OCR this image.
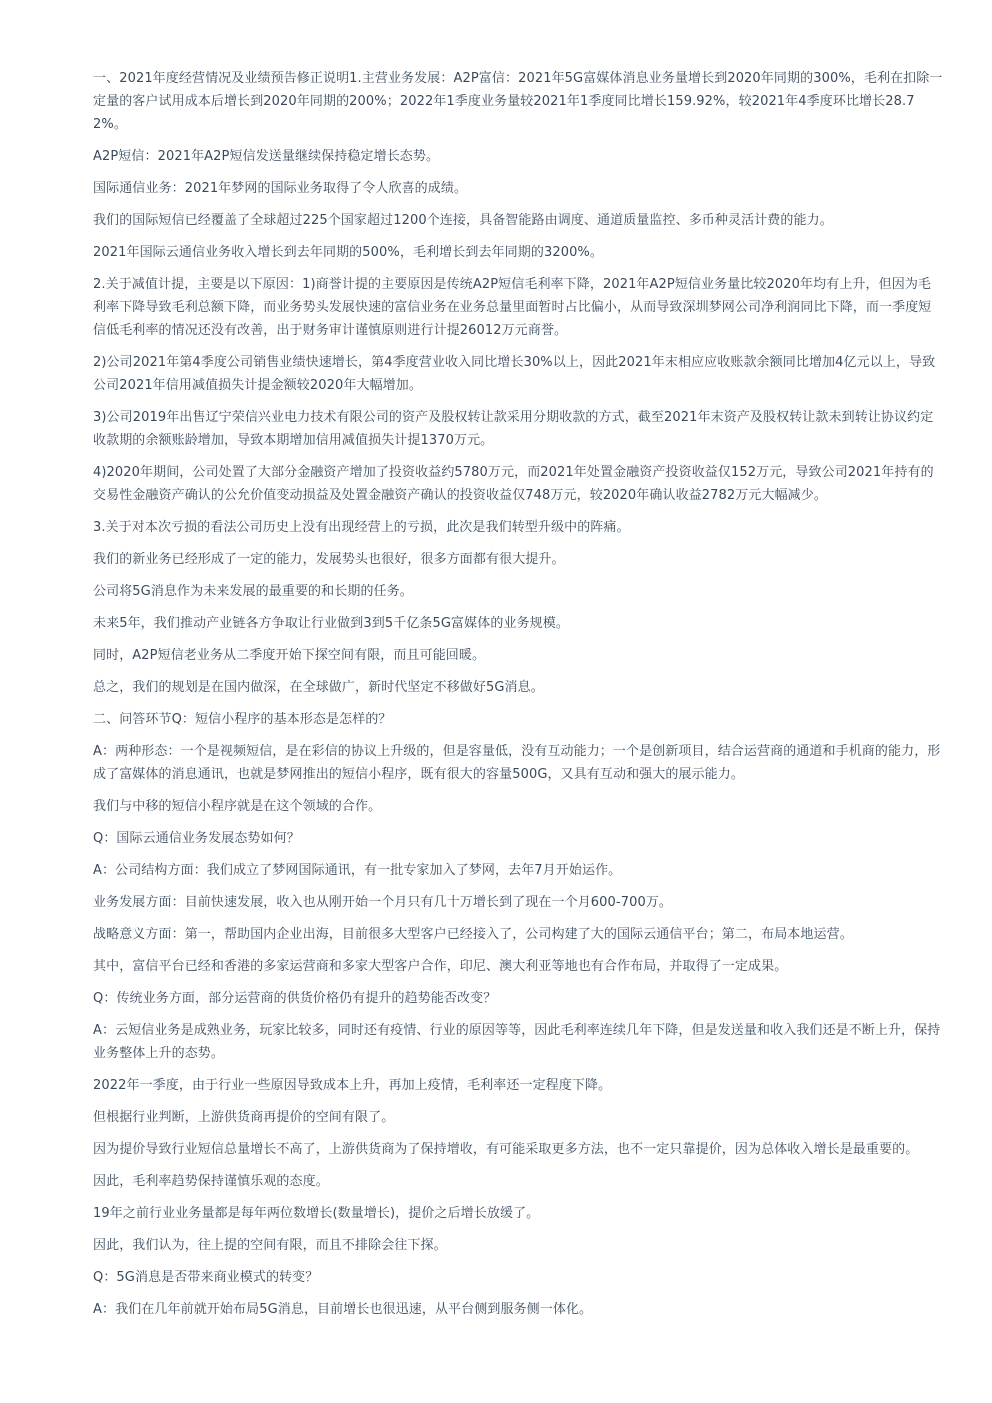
一、2021年度经营情况及业绩预告修正说明1.主营业务发展：A2P富信：2021年5G富媒体消息业务量增长到2020年同期的300%，毛利在扣除一定量的客户试用成本后增长到2020年同期的200%；2022年1季度业务量较2021年1季度同比增长159.92%，较2021年4季度环比增长28.72%。

A2P短信：2021年A2P短信发送量继续保持稳定增长态势。

国际通信业务：2021年梦网的国际业务取得了令人欣喜的成绩。

我们的国际短信已经覆盖了全球超过225个国家超过1200个连接，具备智能路由调度、通道质量监控、多币种灵活计费的能力。

2021年国际云通信业务收入增长到去年同期的500%，毛利增长到去年同期的3200%。

2.关于减值计提，主要是以下原因：1)商誉计提的主要原因是传统A2P短信毛利率下降，2021年A2P短信业务量比较2020年均有上升，但因为毛利率下降导致毛利总额下降，而业务势头发展快速的富信业务在业务总量里面暂时占比偏小，从而导致深圳梦网公司净利润同比下降，而一季度短信低毛利率的情况还没有改善，出于财务审计谨慎原则进行计提26012万元商誉。

2)公司2021年第4季度公司销售业绩快速增长，第4季度营业收入同比增长30%以上，因此2021年末相应应收账款余额同比增加4亿元以上，导致公司2021年信用减值损失计提金额较2020年大幅增加。

3)公司2019年出售辽宁荣信兴业电力技术有限公司的资产及股权转让款采用分期收款的方式，截至2021年末资产及股权转让款未到转让协议约定收款期的余额账龄增加，导致本期增加信用减值损失计提1370万元。

4)2020年期间，公司处置了大部分金融资产增加了投资收益约5780万元，而2021年处置金融资产投资收益仅152万元，导致公司2021年持有的交易性金融资产确认的公允价值变动损益及处置金融资产确认的投资收益仅748万元，较2020年确认收益2782万元大幅减少。

3.关于对本次亏损的看法公司历史上没有出现经营上的亏损，此次是我们转型升级中的阵痛。

我们的新业务已经形成了一定的能力，发展势头也很好，很多方面都有很大提升。

公司将5G消息作为未来发展的最重要的和长期的任务。

未来5年，我们推动产业链各方争取让行业做到3到5千亿条5G富媒体的业务规模。

同时，A2P短信老业务从二季度开始下探空间有限，而且可能回暖。

总之，我们的规划是在国内做深，在全球做广，新时代坚定不移做好5G消息。

二、问答环节Q：短信小程序的基本形态是怎样的？

A：两种形态：一个是视频短信，是在彩信的协议上升级的，但是容量低，没有互动能力；一个是创新项目，结合运营商的通道和手机商的能力，形成了富媒体的消息通讯，也就是梦网推出的短信小程序，既有很大的容量500G，又具有互动和强大的展示能力。

我们与中移的短信小程序就是在这个领域的合作。

Q：国际云通信业务发展态势如何？

A：公司结构方面：我们成立了梦网国际通讯，有一批专家加入了梦网，去年7月开始运作。

业务发展方面：目前快速发展，收入也从刚开始一个月只有几十万增长到了现在一个月600-700万。

战略意义方面：第一，帮助国内企业出海，目前很多大型客户已经接入了，公司构建了大的国际云通信平台；第二，布局本地运营。

其中，富信平台已经和香港的多家运营商和多家大型客户合作，印尼、澳大利亚等地也有合作布局，并取得了一定成果。

Q：传统业务方面，部分运营商的供货价格仍有提升的趋势能否改变？

A：云短信业务是成熟业务，玩家比较多，同时还有疫情、行业的原因等等，因此毛利率连续几年下降，但是发送量和收入我们还是不断上升，保持业务整体上升的态势。

2022年一季度，由于行业一些原因导致成本上升，再加上疫情，毛利率还一定程度下降。

但根据行业判断，上游供货商再提价的空间有限了。

因为提价导致行业短信总量增长不高了，上游供货商为了保持增收，有可能采取更多方法，也不一定只靠提价，因为总体收入增长是最重要的。

因此，毛利率趋势保持谨慎乐观的态度。

19年之前行业业务量都是每年两位数增长(数量增长)，提价之后增长放缓了。

因此，我们认为，往上提的空间有限，而且不排除会往下探。

Q：5G消息是否带来商业模式的转变？

A：我们在几年前就开始布局5G消息，目前增长也很迅速，从平台侧到服务侧一体化。
